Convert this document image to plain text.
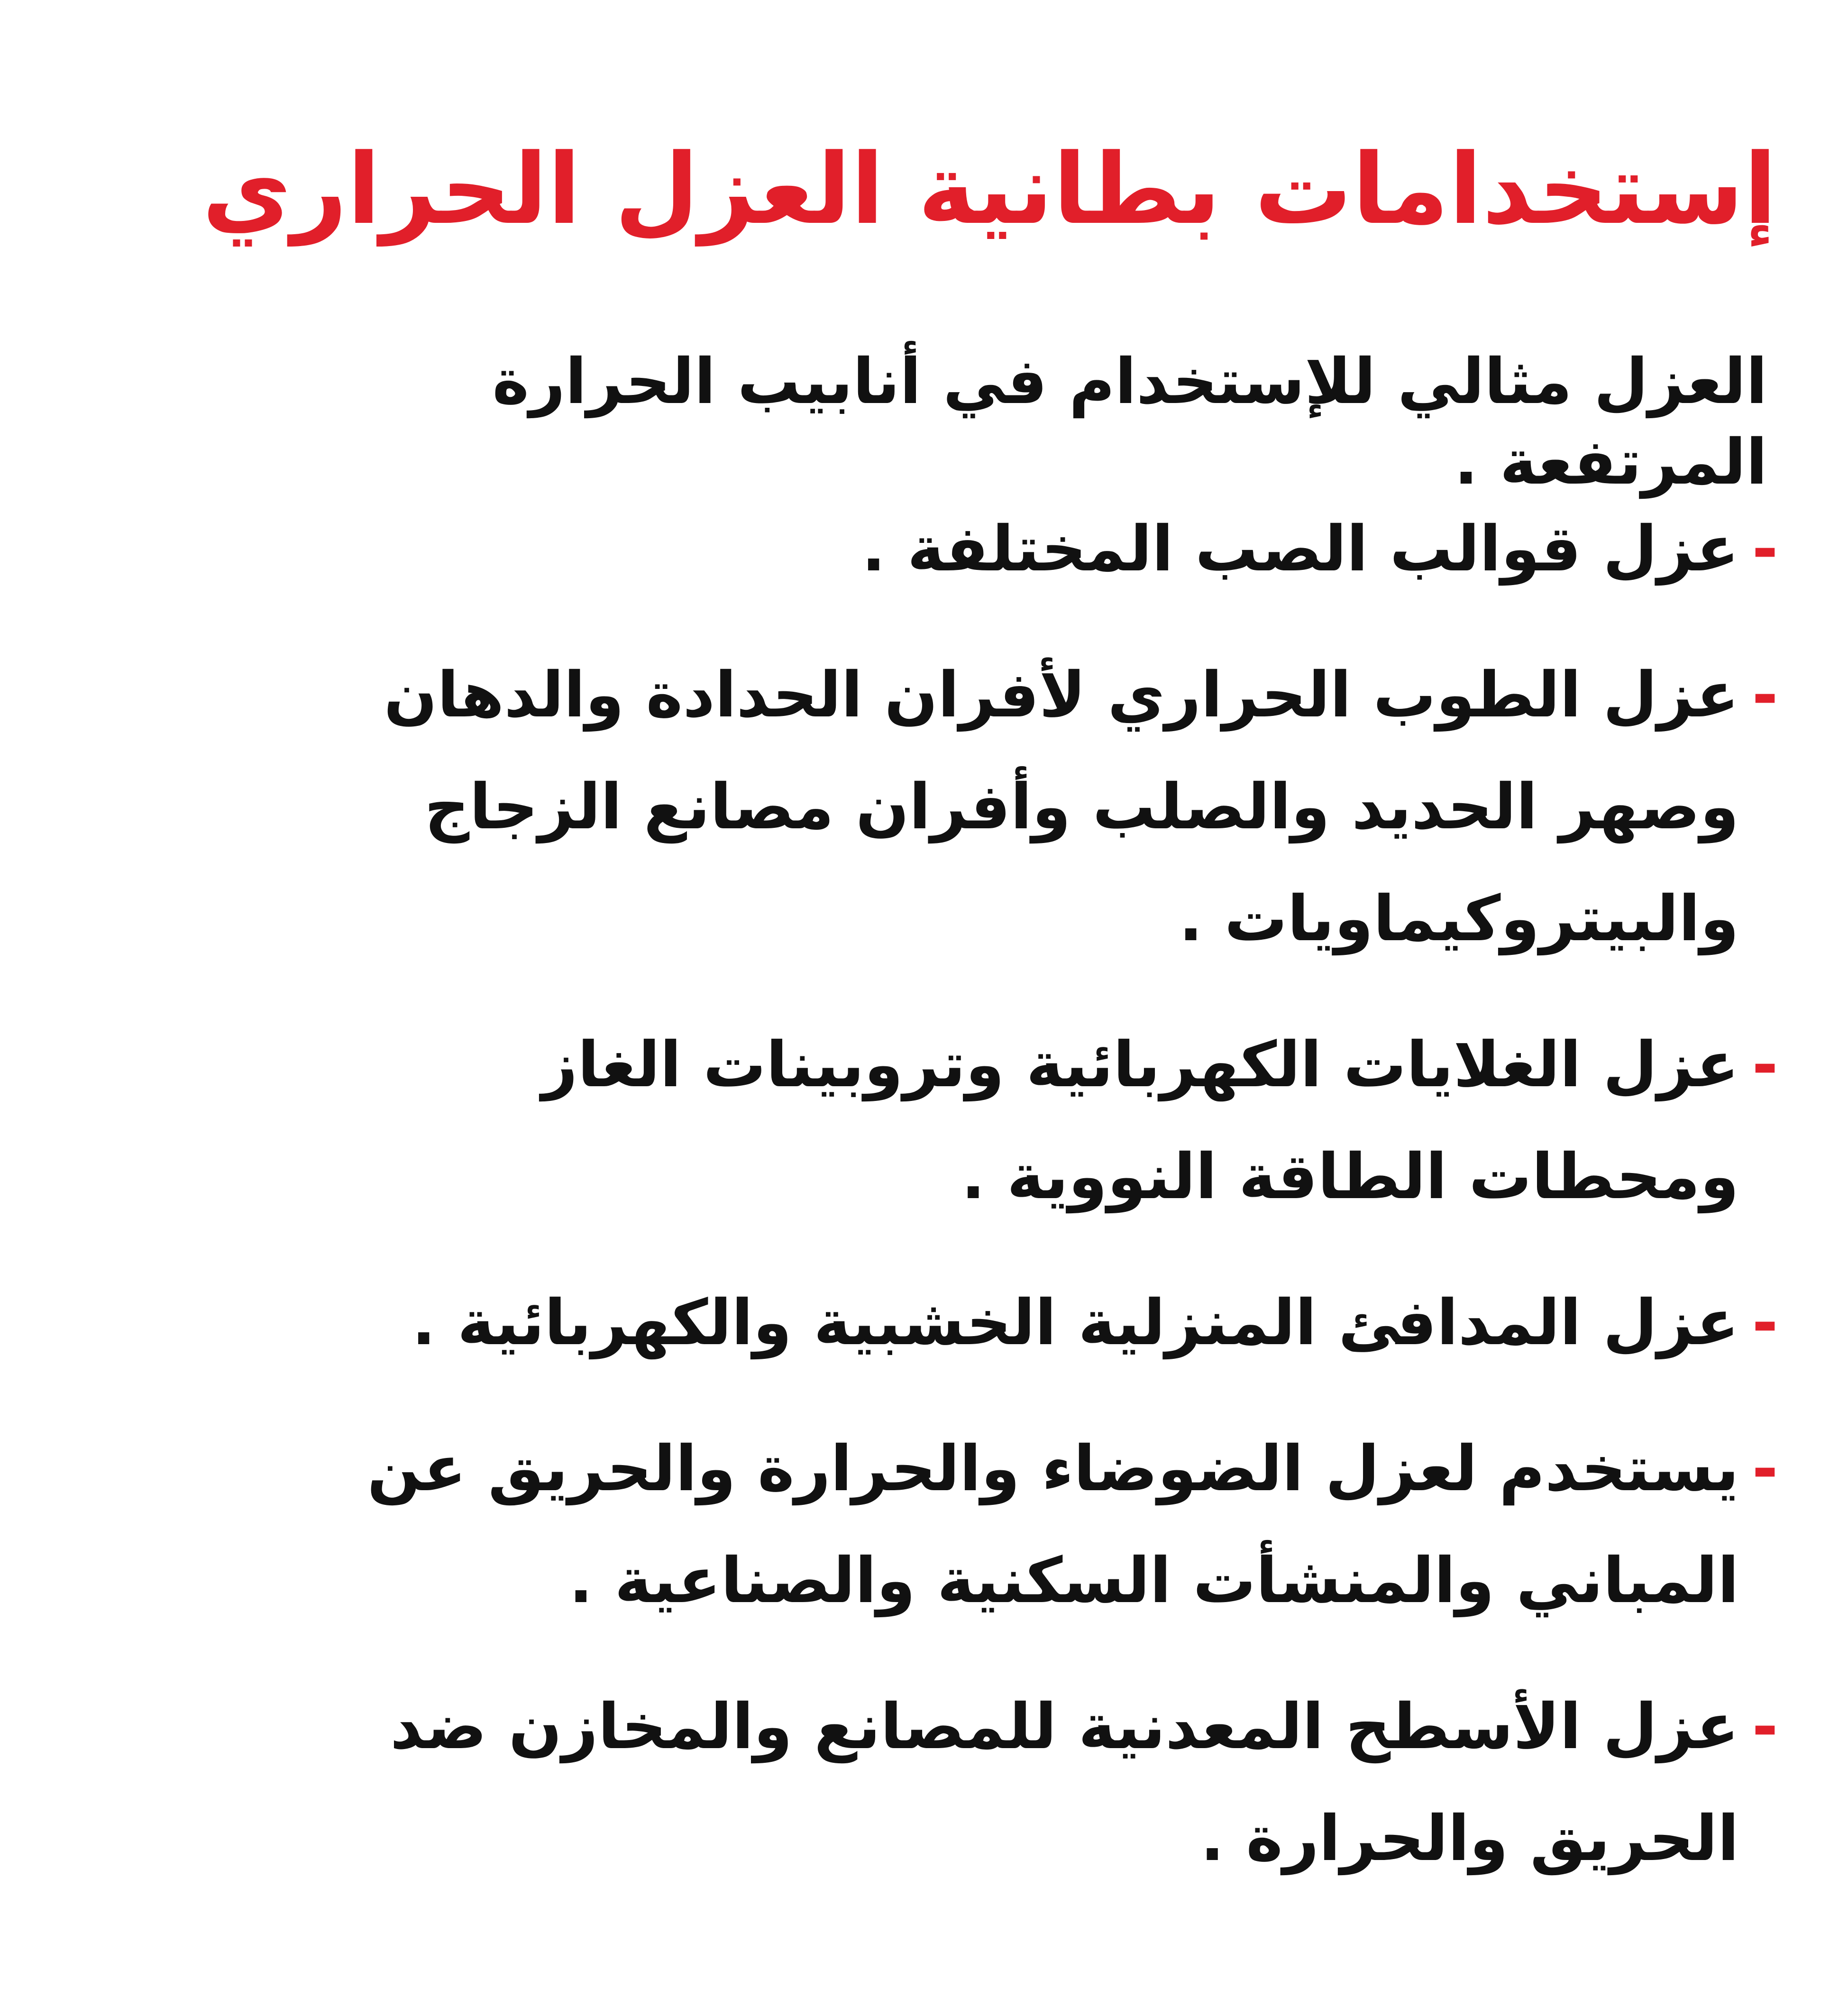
إستخدامات بطانية العزل الحراري

العزل مثالي للإستخدام في أنابيب الحرارة المرتفعة .

-
عزل قوالب الصب المختلفة .
-
عزل الطوب الحراري لأفران الحدادة والدهان وصهر الحديد والصلب وأفران مصانع الزجاج والبيتروكيماويات .
-
عزل الغلايات الكهربائية وتروبينات الغاز ومحطات الطاقة النووية .
-
عزل المدافئ المنزلية الخشبية والكهربائية .
-
يستخدم لعزل الضوضاء والحرارة والحريق عن المباني والمنشأت السكنية والصناعية .
-
عزل الأسطح المعدنية للمصانع والمخازن ضد الحريق والحرارة .
